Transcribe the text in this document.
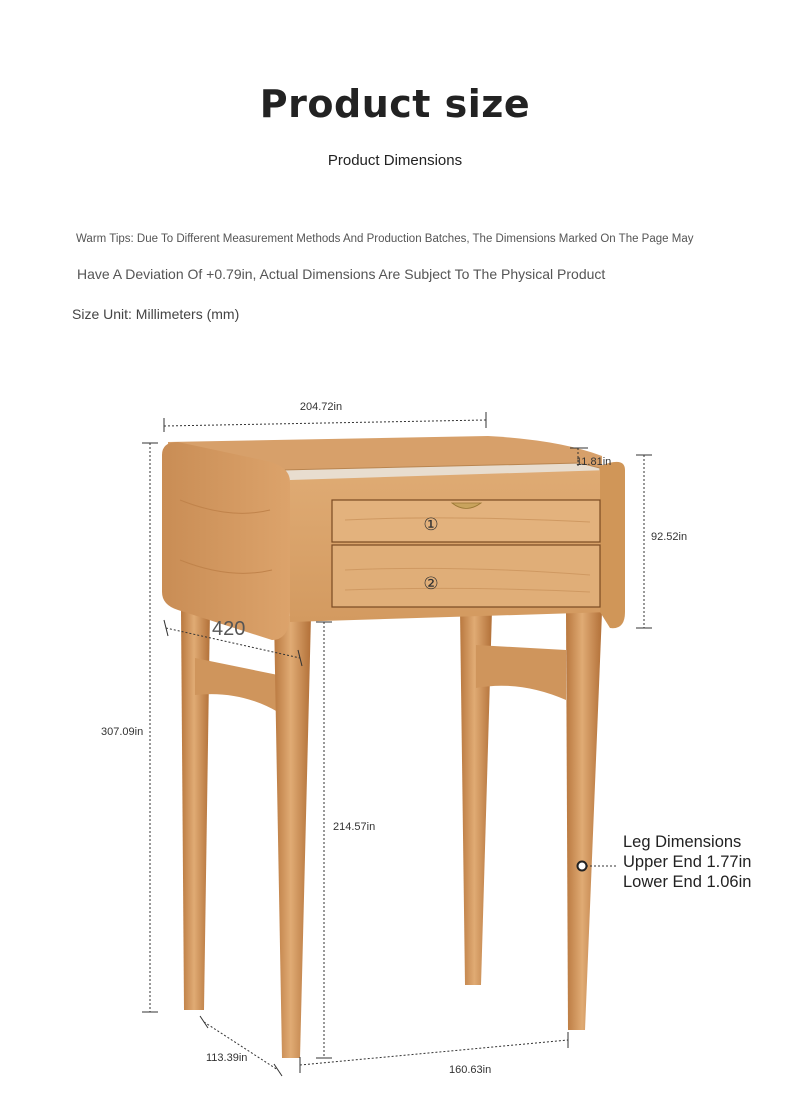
Product size
Product Dimensions
Warm Tips: Due To Different Measurement Methods And Production Batches, The Dimensions Marked On The Page May
Have A Deviation Of +0.79in, Actual Dimensions Are Subject To The Physical Product
Size Unit: Millimeters (mm)
①
②
204.72in
11.81in
92.52in
307.09in
214.57in
420
113.39in
160.63in
Leg Dimensions
Upper End 1.77in
Lower End 1.06in
